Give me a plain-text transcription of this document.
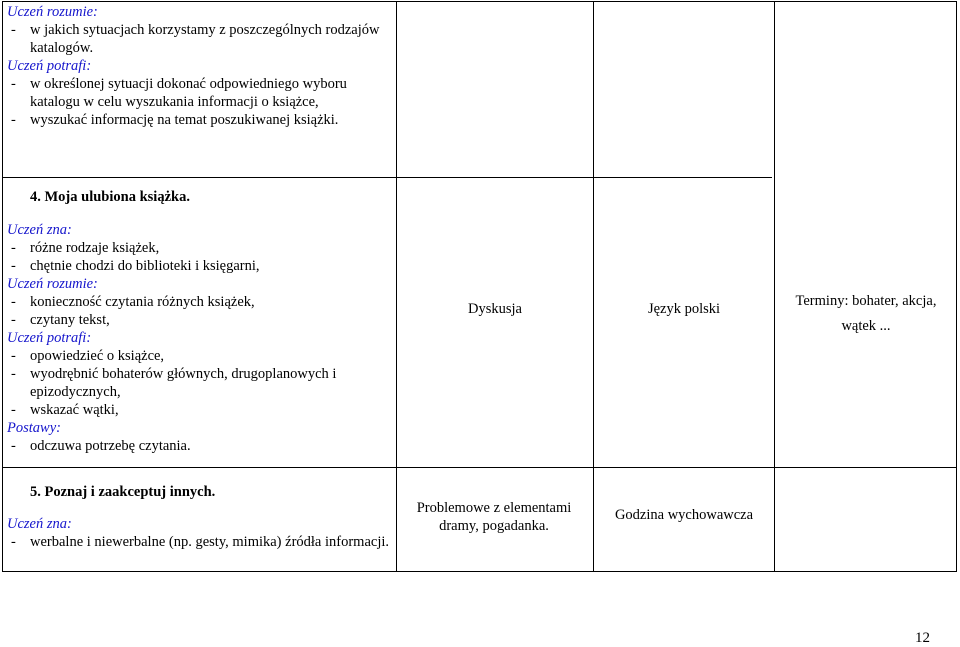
Uczeń rozumie:
- w jakich sytuacjach korzystamy z poszczególnych rodzajów katalogów.
Uczeń potrafi:
- w określonej sytuacji dokonać odpowiedniego wyboru katalogu w celu wyszukania informacji o książce,
- wyszukać informację na temat poszukiwanej książki.
4. Moja ulubiona książka.
Uczeń zna:
- różne rodzaje książek,
- chętnie chodzi do biblioteki i księgarni,
Uczeń rozumie:
- konieczność czytania różnych książek,
- czytany tekst,
Uczeń potrafi:
- opowiedzieć o książce,
- wyodrębnić bohaterów głównych, drugoplanowych i epizodycznych,
- wskazać wątki,
Postawy:
- odczuwa potrzebę czytania.
Dyskusja	Język polski	Terminy: bohater, akcja, wątek ...
5. Poznaj i zaakceptuj innych.
Uczeń zna:
- werbalne i niewerbalne (np. gesty, mimika) źródła informacji.
Problemowe z elementami dramy, pogadanka.
Godzina wychowawcza
12
